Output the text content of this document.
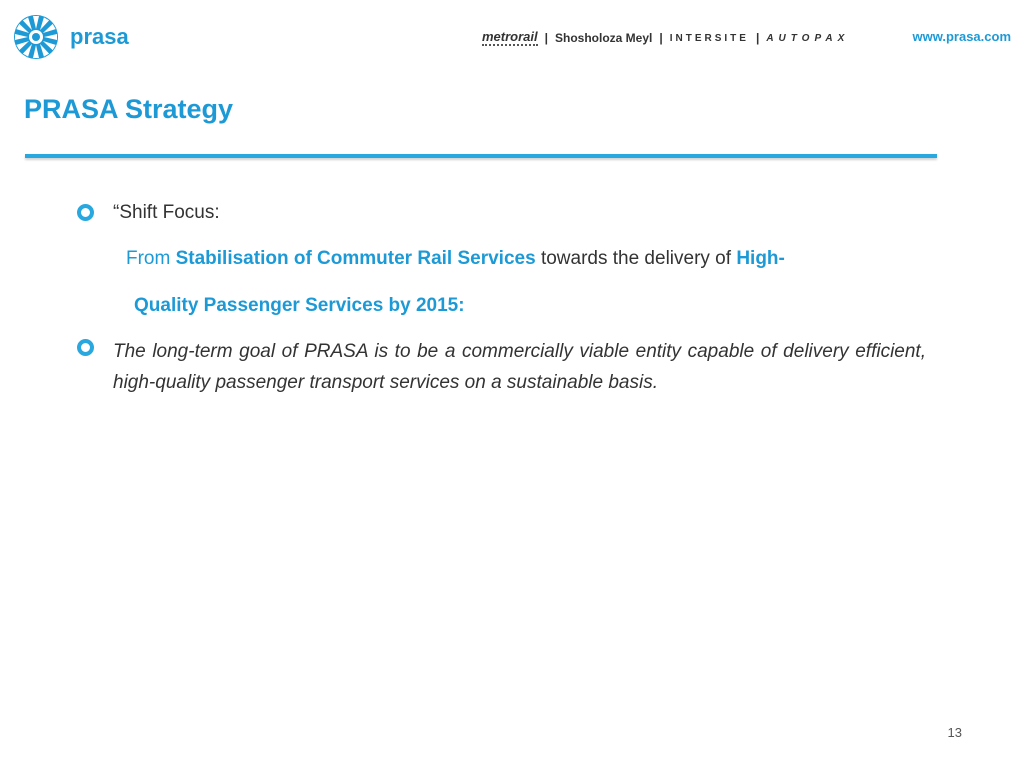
prasa	metrorail | Shosholoza Meyl | INTERSITE | AUTOPAX	www.prasa.com
PRASA Strategy
“Shift Focus:
From Stabilisation of Commuter Rail Services towards the delivery of High-
Quality Passenger Services by 2015:

The long-term goal of PRASA is to be a commercially viable entity capable of delivery efficient, high-quality passenger transport services on a sustainable basis.

13
